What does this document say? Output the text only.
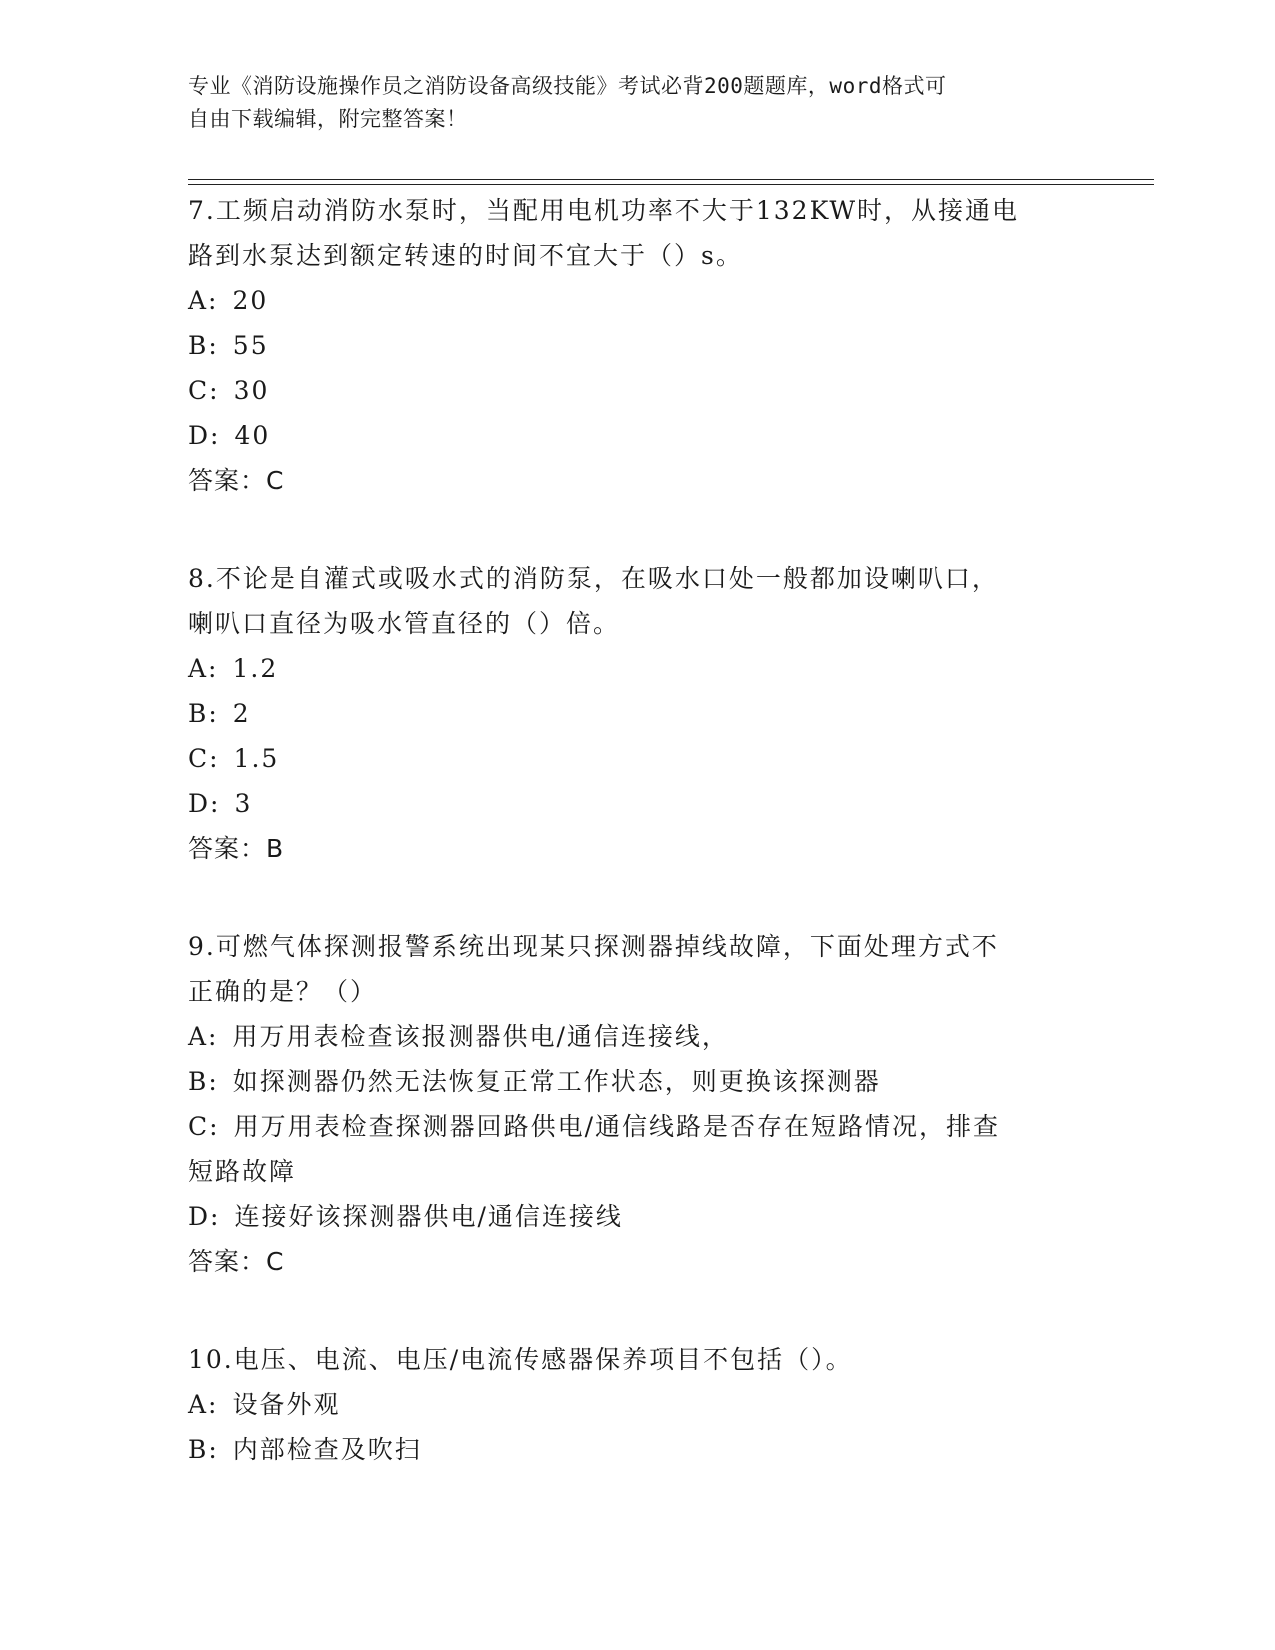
专业《消防设施操作员之消防设备高级技能》考试必背200题题库，word格式可
自由下载编辑，附完整答案！
7.工频启动消防水泵时，当配用电机功率不大于132KW时，从接通电
路到水泵达到额定转速的时间不宜大于（）s。
A: 20
B: 55
C: 30
D: 40
答案：C
8.不论是自灌式或吸水式的消防泵，在吸水口处一般都加设喇叭口，
喇叭口直径为吸水管直径的（）倍。
A: 1.2
B: 2
C: 1.5
D: 3
答案：B
9.可燃气体探测报警系统出现某只探测器掉线故障，下面处理方式不
正确的是？（）
A: 用万用表检查该报测器供电/通信连接线，
B: 如探测器仍然无法恢复正常工作状态，则更换该探测器
C: 用万用表检查探测器回路供电/通信线路是否存在短路情况，排查
短路故障
D: 连接好该探测器供电/通信连接线
答案：C
10.电压、电流、电压/电流传感器保养项目不包括（）。
A: 设备外观
B: 内部检查及吹扫
